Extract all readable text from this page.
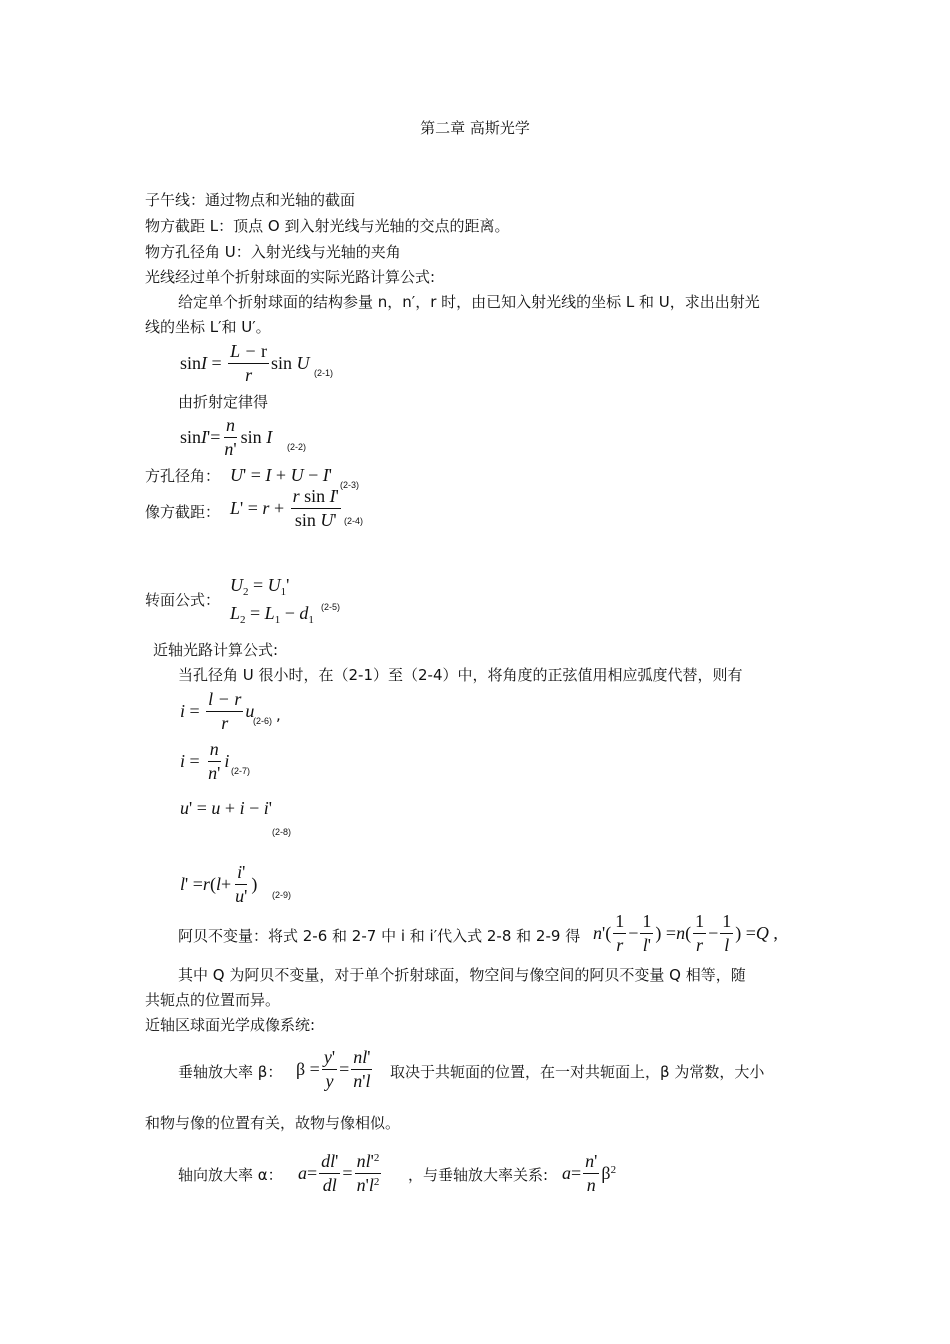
第二章 高斯光学
子午线：通过物点和光轴的截面
物方截距 L：顶点 O 到入射光线与光轴的交点的距离。
物方孔径角 U：入射光线与光轴的夹角
光线经过单个折射球面的实际光路计算公式:
给定单个折射球面的结构参量 n，n′，r 时，由已知入射光线的坐标 L 和 U，求出出射光
线的坐标 L′和 U′。
$\sin I = \frac{L - r}{r}$ sin U (2-1)
由折射定律得
sin I '= $\frac{n}{n'}$ sin I (2-2)
方孔径角： U' = I + U − I' (2-3)
像方截距： L ' = $r + \frac{\text{r sin I'}}{\text{sin U'}} (2-4)$
转面公式：
$U_2 = U_1'$
$L_2 = L_1 - d_1$
(2-5)
近轴光路计算公式:
当孔径角 U 很小时，在（2-1）至（2-4）中，将角度的正弦值用相应弧度代替，则有
$i = \frac{l - r}{r}$ u
(2-6) ,
$i = \frac{n}{n'}$ i (2-7)
u' = u + i − i'
(2-8)
l ' = r ( $l + \frac{i'}{u'}$ )
(2-9)
阿贝不变量：将式 2-6 和 2-7 中 i 和 i′代入式 2-8 和 2-9 得 n '( $\frac{1}{r} - \frac{1}{l'}$ ) = n ( $\frac{1}{r} - \frac{1}{l}$ ) = Q ,
其中 Q 为阿贝不变量，对于单个折射球面，物空间与像空间的阿贝不变量 Q 相等，随
共轭点的位置而异。
近轴区球面光学成像系统:
垂轴放大率 β： $\beta = \frac{y'}{y} = \frac{nl'}{n'l}$ 取决于共轭面的位置，在一对共轭面上，β 为常数，大小
和物与像的位置有关，故物与像相似。
轴向放大率 α： $a = \frac{dl'}{dl} = \frac{nl'^2}{n'l^2}$ ，与垂轴放大率关系: $a = \frac{n'}{n} \beta^2$
